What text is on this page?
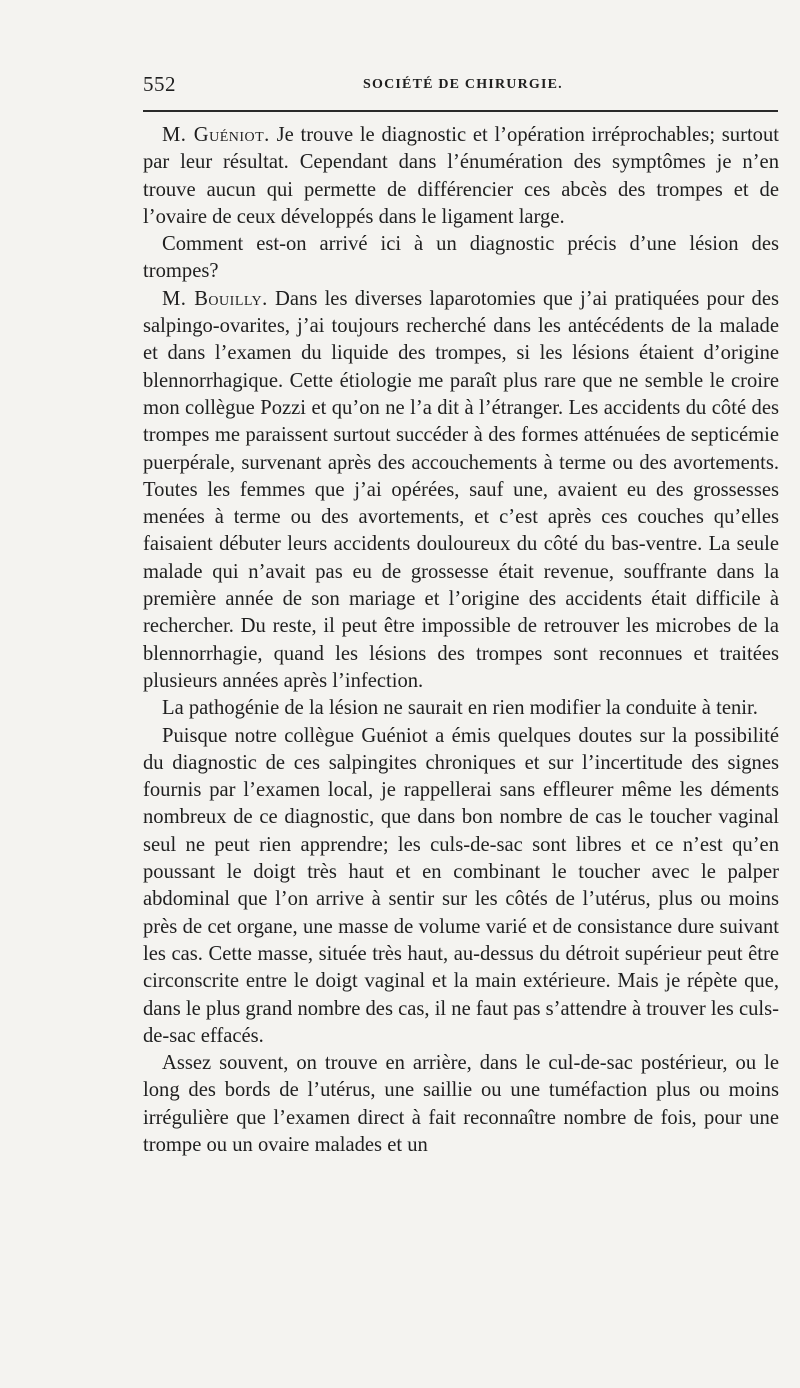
552	SOCIÉTÉ DE CHIRURGIE.

M. Guéniot. Je trouve le diagnostic et l’opération irréprochables; surtout par leur résultat. Cependant dans l’énumération des symptômes je n’en trouve aucun qui permette de différencier ces abcès des trompes et de l’ovaire de ceux développés dans le ligament large.

Comment est-on arrivé ici à un diagnostic précis d’une lésion des trompes?

M. Bouilly. Dans les diverses laparotomies que j’ai pratiquées pour des salpingo-ovarites, j’ai toujours recherché dans les antécédents de la malade et dans l’examen du liquide des trompes, si les lésions étaient d’origine blennorrhagique. Cette étiologie me paraît plus rare que ne semble le croire mon collègue Pozzi et qu’on ne l’a dit à l’étranger. Les accidents du côté des trompes me paraissent surtout succéder à des formes atténuées de septicémie puerpérale, survenant après des accouchements à terme ou des avortements. Toutes les femmes que j’ai opérées, sauf une, avaient eu des grossesses menées à terme ou des avortements, et c’est après ces couches qu’elles faisaient débuter leurs accidents douloureux du côté du bas-ventre. La seule malade qui n’avait pas eu de grossesse était revenue, souffrante dans la première année de son mariage et l’origine des accidents était difficile à rechercher. Du reste, il peut être impossible de retrouver les microbes de la blennorrhagie, quand les lésions des trompes sont reconnues et traitées plusieurs années après l’infection.

La pathogénie de la lésion ne saurait en rien modifier la conduite à tenir.

Puisque notre collègue Guéniot a émis quelques doutes sur la possibilité du diagnostic de ces salpingites chroniques et sur l’incertitude des signes fournis par l’examen local, je rappellerai sans effleurer même les déments nombreux de ce diagnostic, que dans bon nombre de cas le toucher vaginal seul ne peut rien apprendre; les culs-de-sac sont libres et ce n’est qu’en poussant le doigt très haut et en combinant le toucher avec le palper abdominal que l’on arrive à sentir sur les côtés de l’utérus, plus ou moins près de cet organe, une masse de volume varié et de consistance dure suivant les cas. Cette masse, située très haut, au-dessus du détroit supérieur peut être circonscrite entre le doigt vaginal et la main extérieure. Mais je répète que, dans le plus grand nombre des cas, il ne faut pas s’attendre à trouver les culs-de-sac effacés.

Assez souvent, on trouve en arrière, dans le cul-de-sac postérieur, ou le long des bords de l’utérus, une saillie ou une tuméfaction plus ou moins irrégulière que l’examen direct à fait reconnaître nombre de fois, pour une trompe ou un ovaire malades et un
